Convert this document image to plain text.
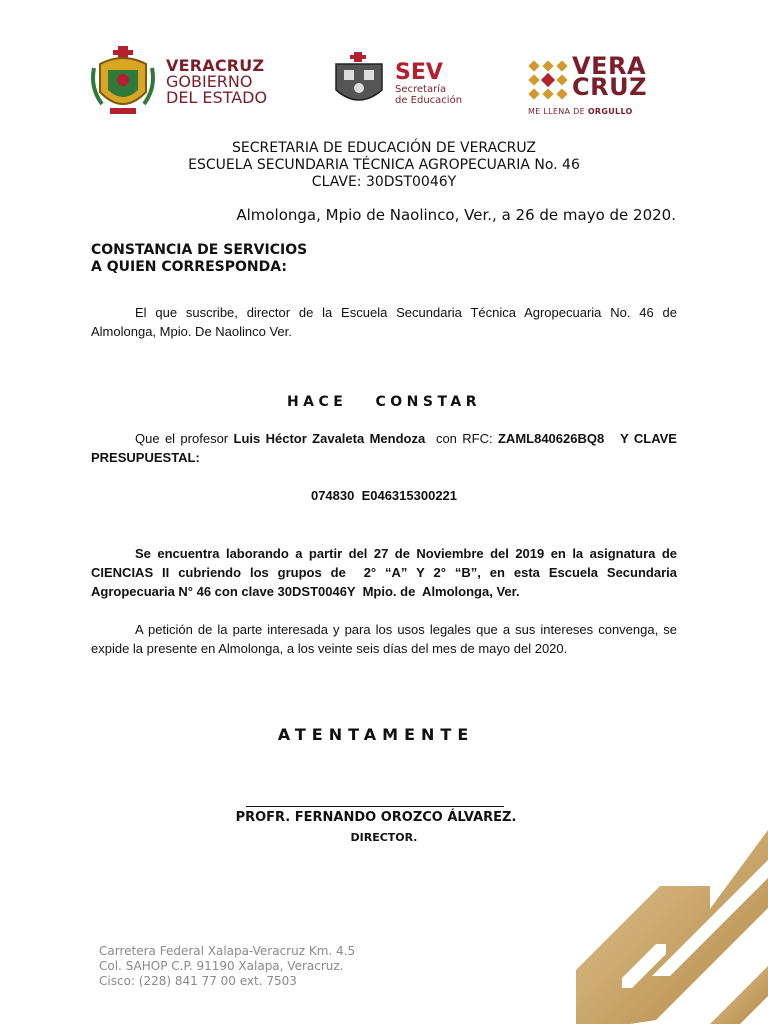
VERACRUZ
GOBIERNO
DEL ESTADO
SEV
Secretaría
de Educación
VERA
CRUZ
ME LLENA DE ORGULLO
SECRETARIA DE EDUCACIÓN DE VERACRUZ
ESCUELA SECUNDARIA TÉCNICA AGROPECUARIA No. 46
CLAVE: 30DST0046Y
Almolonga, Mpio de Naolinco, Ver., a 26 de mayo de 2020.
CONSTANCIA DE SERVICIOS
A QUIEN CORRESPONDA:

El que suscribe, director de la Escuela Secundaria Técnica Agropecuaria No. 46 de Almolonga, Mpio. De Naolinco Ver.

HACE   CONSTAR

Que el profesor Luis Héctor Zavaleta Mendoza con RFC: ZAML840626BQ8   Y CLAVE PRESUPUESTAL:

074830  E046315300221

Se encuentra laborando a partir del 27 de Noviembre del 2019 en la asignatura de CIENCIAS II cubriendo los grupos de  2° “A” Y 2° “B”, en esta Escuela Secundaria Agropecuaria N° 46 con clave 30DST0046Y  Mpio. de  Almolonga, Ver.

A petición de la parte interesada y para los usos legales que a sus intereses convenga, se expide la presente en Almolonga, a los veinte seis días del mes de mayo del 2020.

ATENTAMENTE
PROFR. FERNANDO OROZCO ÁLVAREZ.
DIRECTOR.
Carretera Federal Xalapa-Veracruz Km. 4.5
Col. SAHOP C.P. 91190 Xalapa, Veracruz.
Cisco: (228) 841 77 00 ext. 7503
